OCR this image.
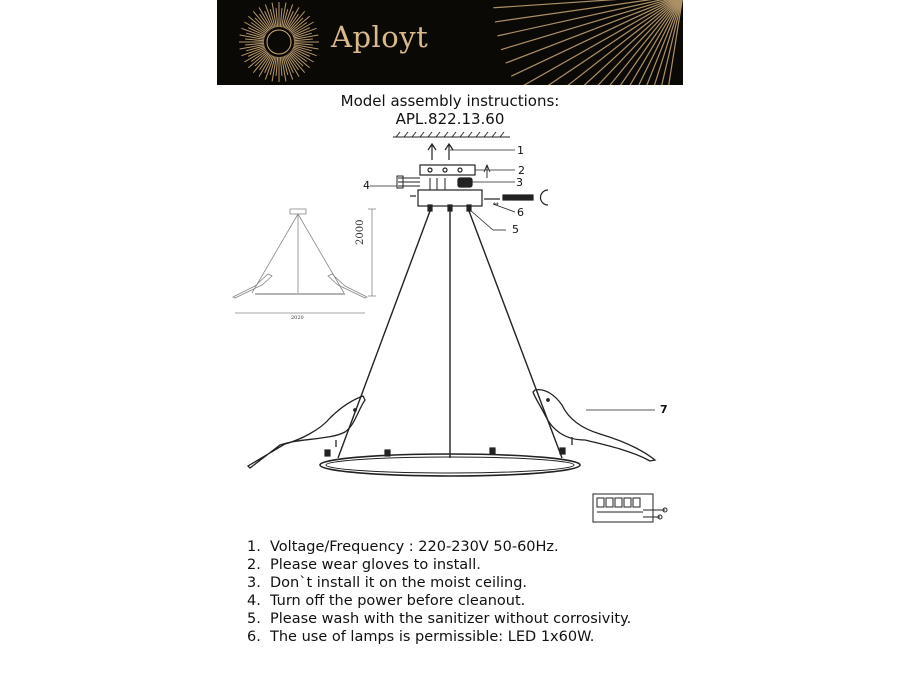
Aployt
Model assembly instructions:
APL.822.13.60
⇔
1
2
3
4
5
6
7
2000
2020
1. Voltage/Frequency : 220-230V 50-60Hz.
2. Please wear gloves to install.
3. Don`t install it on the moist ceiling.
4. Turn off the power before cleanout.
5. Please wash with the sanitizer without corrosivity.
6. The use of lamps is permissible: LED 1x60W.
